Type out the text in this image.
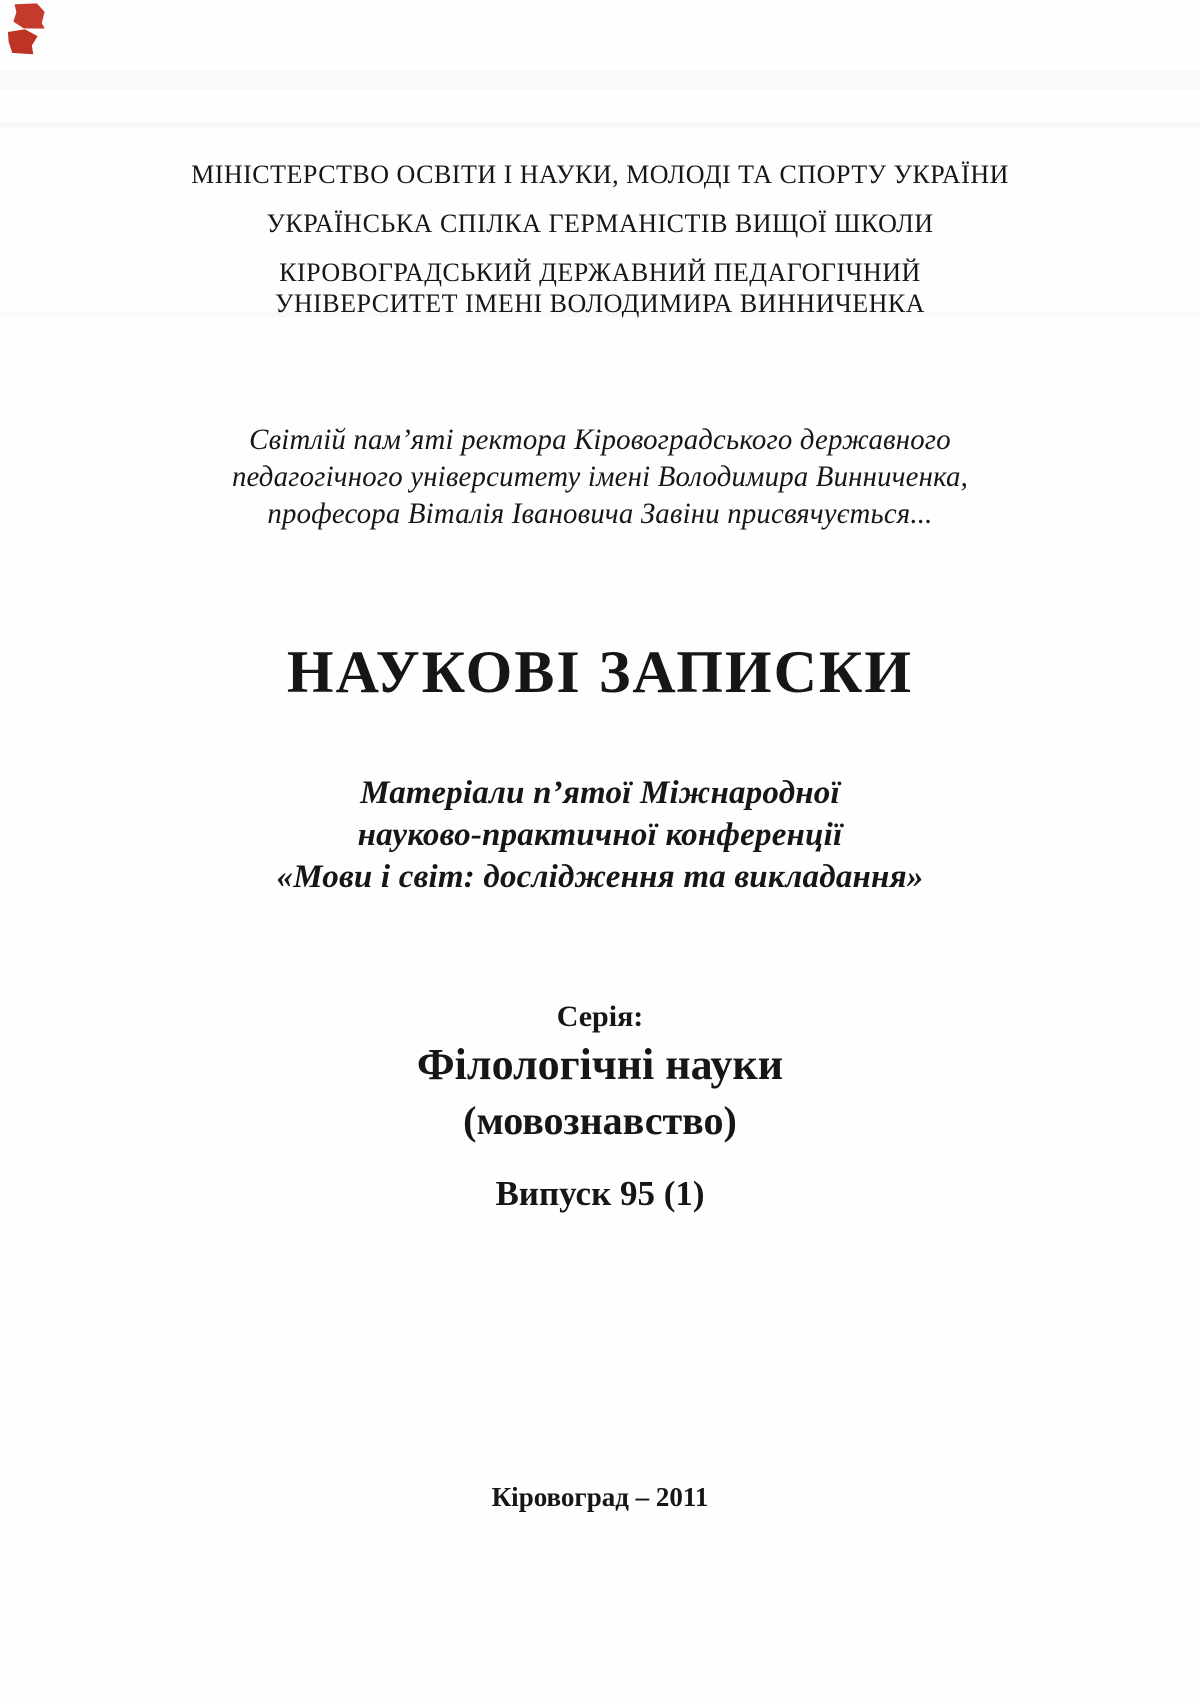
МІНІСТЕРСТВО ОСВІТИ І НАУКИ, МОЛОДІ ТА СПОРТУ УКРАЇНИ
УКРАЇНСЬКА СПІЛКА ГЕРМАНІСТІВ ВИЩОЇ ШКОЛИ
КІРОВОГРАДСЬКИЙ ДЕРЖАВНИЙ ПЕДАГОГІЧНИЙ
УНІВЕРСИТЕТ ІМЕНІ ВОЛОДИМИРА ВИННИЧЕНКА
Світлій пам’яті ректора Кіровоградського державного
педагогічного університету імені Володимира Винниченка,
професора Віталія Івановича Завіни присвячується...
НАУКОВІ ЗАПИСКИ
Матеріали п’ятої Міжнародної
науково-практичної конференції
«Мови і світ: дослідження та викладання»
Серія:
Філологічні науки
(мовознавство)
Випуск 95 (1)
Кіровоград – 2011
